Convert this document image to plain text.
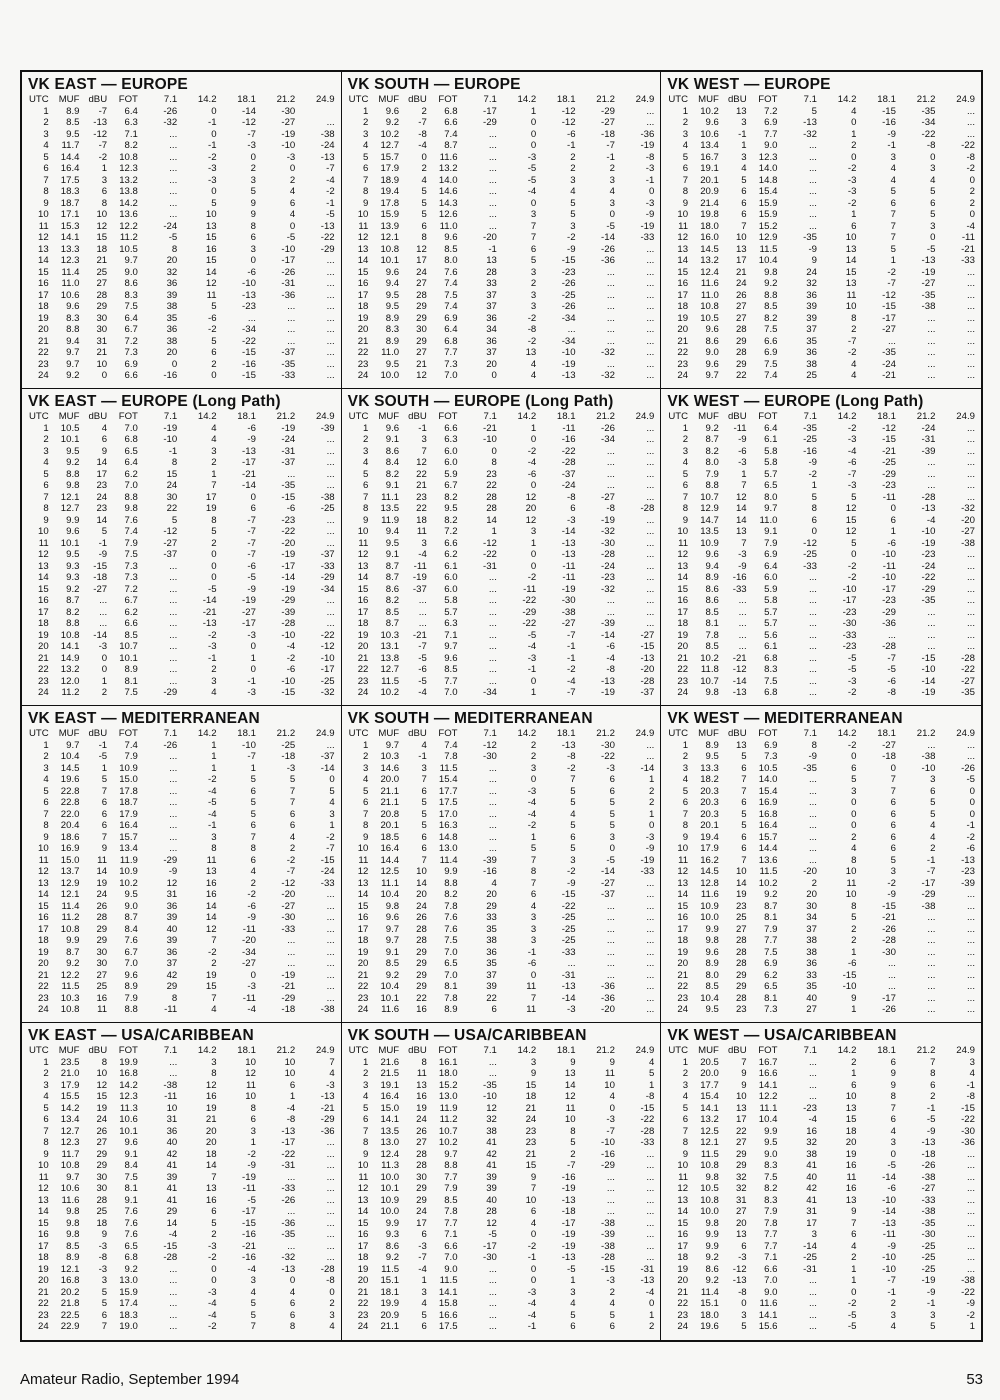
VK EAST — EUROPE
UTC	MUF	dBU	FOT	7.1	14.2	18.1	21.2	24.9
1	8.9	-7	6.4	-26	0	-14	-30	
2	8.5	-13	6.3	-32	-1	-12	-27	...
3	9.5	-12	7.1	...	0	-7	-19	-38
4	11.7	-7	8.2	...	-1	-3	-10	-24
5	14.4	-2	10.8	...	-2	0	-3	-13
6	16.4	1	12.3	...	-3	2	0	-7
7	17.5	3	13.2	...	-3	3	2	-4
8	18.3	6	13.8	...	0	5	4	-2
9	18.7	8	14.2	...	5	9	6	-1
10	17.1	10	13.6	...	10	9	4	-5
11	15.3	12	12.2	-24	13	8	0	-13
12	14.1	15	11.2	-5	15	6	-5	-22
13	13.3	18	10.5	8	16	3	-10	-29
14	12.3	21	9.7	20	15	0	-17	...
15	11.4	25	9.0	32	14	-6	-26	...
16	11.0	27	8.6	36	12	-10	-31	...
17	10.6	28	8.3	39	11	-13	-36	...
18	9.6	29	7.5	38	5	-23	...	...
19	8.3	30	6.4	35	-6	...	...	...
20	8.8	30	6.7	36	-2	-34	...	...
21	9.4	31	7.2	38	5	-22	...	...
22	9.7	21	7.3	20	6	-15	-37	...
23	9.7	10	6.9	0	2	-16	-35	...
24	9.2	0	6.6	-16	0	-15	-33	...
VK SOUTH — EUROPE
UTC	MUF	dBU	FOT	7.1	14.2	18.1	21.2	24.9
1	9.6	2	6.8	-17	1	-12	-29	...
2	9.2	-7	6.6	-29	0	-12	-27	...
3	10.2	-8	7.4	...	0	-6	-18	-36
4	12.7	-4	8.7	...	0	-1	-7	-19
5	15.7	0	11.6	...	-3	2	-1	-8
6	17.9	2	13.2	...	-5	2	2	-3
7	18.9	4	14.0	...	-5	3	3	-1
8	19.4	5	14.6	...	-4	4	4	0
9	17.8	5	14.3	...	0	5	3	-3
10	15.9	5	12.6	...	3	5	0	-9
11	13.9	6	11.0	...	7	3	-5	-19
12	12.1	8	9.6	-20	7	-2	-14	-33
13	10.8	12	8.5	-1	6	-9	-26	...
14	10.1	17	8.0	13	5	-15	-36	...
15	9.6	24	7.6	28	3	-23	...	...
16	9.4	27	7.4	33	2	-26	...	...
17	9.5	28	7.5	37	3	-25	...	...
18	9.5	29	7.4	37	3	-26	...	...
19	8.9	29	6.9	36	-2	-34	...	...
20	8.3	30	6.4	34	-8	...	...	...
21	8.9	29	6.8	36	-2	-34	...	...
22	11.0	27	7.7	37	13	-10	-32	...
23	9.5	21	7.3	20	4	-19	...	...
24	10.0	12	7.0	0	4	-13	-32	...
VK WEST — EUROPE
UTC	MUF	dBU	FOT	7.1	14.2	18.1	21.2	24.9
1	10.2	13	7.2	5	4	-15	-35	...
2	9.6	3	6.9	-13	0	-16	-34	...
3	10.6	-1	7.7	-32	1	-9	-22	...
4	13.4	1	9.0	...	2	-1	-8	-22
5	16.7	3	12.3	...	0	3	0	-8
6	19.1	4	14.0	...	-2	4	3	-2
7	20.1	5	14.8	...	-3	4	4	0
8	20.9	6	15.4	...	-3	5	5	2
9	21.4	6	15.9	...	-2	6	6	2
10	19.8	6	15.9	...	1	7	5	0
11	18.0	7	15.2	...	6	7	3	-4
12	16.0	10	12.9	-35	10	7	0	-11
13	14.5	13	11.5	-9	13	5	-5	-21
14	13.2	17	10.4	9	14	1	-13	-33
15	12.4	21	9.8	24	15	-2	-19	...
16	11.6	24	9.2	32	13	-7	-27	...
17	11.0	26	8.8	36	11	-12	-35	...
18	10.8	27	8.5	39	10	-15	-38	...
19	10.5	27	8.2	39	8	-17	...	...
20	9.6	28	7.5	37	2	-27	...	...
21	8.6	29	6.6	35	-7	...	...	...
22	9.0	28	6.9	36	-2	-35	...	...
23	9.6	29	7.5	38	4	-24	...	...
24	9.7	22	7.4	25	4	-21	...	...
VK EAST — EUROPE (Long Path)
UTC	MUF	dBU	FOT	7.1	14.2	18.1	21.2	24.9
1	10.5	4	7.0	-19	4	-6	-19	-39
2	10.1	6	6.8	-10	4	-9	-24	...
3	9.5	9	6.5	-1	3	-13	-31	...
4	9.2	14	6.4	8	2	-17	-37	...
5	8.8	17	6.2	15	1	-21	...	...
6	9.8	23	7.0	24	7	-14	-35	...
7	12.1	24	8.8	30	17	0	-15	-38
8	12.7	23	9.8	22	19	6	-6	-25
9	9.9	14	7.6	5	8	-7	-23	...
10	9.6	5	7.4	-12	5	-7	-22	...
11	10.1	-1	7.9	-27	2	-7	-20	...
12	9.5	-9	7.5	-37	0	-7	-19	-37
13	9.3	-15	7.3	...	0	-6	-17	-33
14	9.3	-18	7.3	...	0	-5	-14	-29
15	9.2	-27	7.2	...	-5	-9	-19	-34
16	8.7	...	6.7	...	-14	-19	-29	...
17	8.2	...	6.2	...	-21	-27	-39	...
18	8.8	...	6.6	...	-13	-17	-28	...
19	10.8	-14	8.5	...	-2	-3	-10	-22
20	14.1	-3	10.7	...	-3	0	-4	-12
21	14.9	0	10.1	...	-1	1	-2	-10
22	13.2	0	8.9	...	2	0	-6	-17
23	12.0	1	8.1	...	3	-1	-10	-25
24	11.2	2	7.5	-29	4	-3	-15	-32
VK SOUTH — EUROPE (Long Path)
UTC	MUF	dBU	FOT	7.1	14.2	18.1	21.2	24.9
1	9.6	-1	6.6	-21	1	-11	-26	...
2	9.1	3	6.3	-10	0	-16	-34	...
3	8.6	7	6.0	0	-2	-22	...	...
4	8.4	12	6.0	8	-4	-28	...	...
5	8.2	22	5.9	23	-6	-37	...	...
6	9.1	21	6.7	22	0	-24	...	...
7	11.1	23	8.2	28	12	-8	-27	...
8	13.5	22	9.5	28	20	6	-8	-28
9	11.9	18	8.2	14	12	-3	-19	...
10	9.4	11	7.2	1	3	-14	-32	...
11	9.5	3	6.6	-12	1	-13	-30	...
12	9.1	-4	6.2	-22	0	-13	-28	...
13	8.7	-11	6.1	-31	0	-11	-24	...
14	8.7	-19	6.0	...	-2	-11	-23	...
15	8.6	-37	6.0	...	-11	-19	-32	...
16	8.2	...	5.8	...	-22	-30	...	...
17	8.5	...	5.7	...	-29	-38	...	...
18	8.7	...	6.3	...	-22	-27	-39	...
19	10.3	-21	7.1	...	-5	-7	-14	-27
20	13.1	-7	9.7	...	-4	-1	-6	-15
21	13.8	-5	9.6	...	-3	-1	-4	-13
22	12.7	-6	8.5	...	-1	-2	-8	-20
23	11.5	-5	7.7	...	0	-4	-13	-28
24	10.2	-4	7.0	-34	1	-7	-19	-37
VK WEST — EUROPE (Long Path)
UTC	MUF	dBU	FOT	7.1	14.2	18.1	21.2	24.9
1	9.2	-11	6.4	-35	-2	-12	-24	...
2	8.7	-9	6.1	-25	-3	-15	-31	...
3	8.2	-6	5.8	-16	-4	-21	-39	...
4	8.0	-3	5.8	-9	-6	-25	...	...
5	7.9	1	5.7	-2	-7	-29	...	...
6	8.8	7	6.5	1	-3	-23	...	...
7	10.7	12	8.0	5	5	-11	-28	...
8	12.9	14	9.7	8	12	0	-13	-32
9	14.7	14	11.0	6	15	6	-4	-20
10	13.5	13	9.1	0	12	1	-10	-27
11	10.9	7	7.9	-12	5	-6	-19	-38
12	9.6	-3	6.9	-25	0	-10	-23	...
13	9.4	-9	6.4	-33	-2	-11	-24	...
14	8.9	-16	6.0	...	-2	-10	-22	...
15	8.6	-33	5.9	...	-10	-17	-29	...
16	8.6	...	5.8	...	-17	-23	-35	...
17	8.5	...	5.7	...	-23	-29	...	...
18	8.1	...	5.7	...	-30	-36	...	...
19	7.8	...	5.6	...	-33	...	...	...
20	8.5	...	6.1	...	-23	-28	...	...
21	10.2	-21	6.8	...	-5	-7	-15	-28
22	11.8	-12	8.3	...	-5	-5	-10	-22
23	10.7	-14	7.5	...	-3	-6	-14	-27
24	9.8	-13	6.8	...	-2	-8	-19	-35
VK EAST — MEDITERRANEAN
UTC	MUF	dBU	FOT	7.1	14.2	18.1	21.2	24.9
1	9.7	-1	7.4	-26	1	-10	-25	...
2	10.4	-5	7.9	...	1	-7	-18	-37
3	14.5	1	10.9	...	1	1	-3	-14
4	19.6	5	15.0	...	-2	5	5	0
5	22.8	7	17.8	...	-4	6	7	5
6	22.8	6	18.7	...	-5	5	7	4
7	22.0	6	17.9	...	-4	5	6	3
8	20.4	6	16.4	...	-1	6	6	1
9	18.6	7	15.7	...	3	7	4	-2
10	16.9	9	13.4	...	8	8	2	-7
11	15.0	11	11.9	-29	11	6	-2	-15
12	13.7	14	10.9	-9	13	4	-7	-24
13	12.9	19	10.2	12	16	2	-12	-33
14	12.1	24	9.5	31	16	-2	-20	...
15	11.4	26	9.0	36	14	-6	-27	...
16	11.2	28	8.7	39	14	-9	-30	...
17	10.8	29	8.4	40	12	-11	-33	...
18	9.9	29	7.6	39	7	-20	...	...
19	8.7	30	6.7	36	-2	-34	...	...
20	9.2	30	7.0	37	2	-27	...	...
21	12.2	27	9.6	42	19	0	-19	...
22	11.5	25	8.9	29	15	-3	-21	...
23	10.3	16	7.9	8	7	-11	-29	...
24	10.8	11	8.8	-11	4	-4	-18	-38
VK SOUTH — MEDITERRANEAN
UTC	MUF	dBU	FOT	7.1	14.2	18.1	21.2	24.9
1	9.7	4	7.4	-12	2	-13	-30	...
2	10.3	-1	7.8	-30	2	-8	-22	...
3	14.6	3	11.5	...	3	-2	-3	-14
4	20.0	7	15.4	...	0	7	6	1
5	21.1	6	17.7	...	-3	5	6	2
6	21.1	5	17.5	...	-4	5	5	2
7	20.8	5	17.0	...	-4	4	5	1
8	20.1	5	16.3	...	-2	5	5	0
9	18.5	6	14.8	...	1	6	3	-3
10	16.4	6	13.0	...	5	5	0	-9
11	14.4	7	11.4	-39	7	3	-5	-19
12	12.5	10	9.9	-16	8	-2	-14	-33
13	11.1	14	8.8	4	7	-9	-27	...
14	10.4	20	8.2	20	6	-15	-37	...
15	9.8	24	7.8	29	4	-22	...	...
16	9.6	26	7.6	33	3	-25	...	...
17	9.7	28	7.6	35	3	-25	...	...
18	9.7	28	7.5	38	3	-25	...	...
19	9.1	29	7.0	36	-1	-33	...	...
20	8.5	29	6.5	35	-6	...	...	...
21	9.2	29	7.0	37	0	-31	...	...
22	10.4	29	8.1	39	11	-13	-36	...
23	10.1	22	7.8	22	7	-14	-36	...
24	11.6	16	8.9	6	11	-3	-20	...
VK WEST — MEDITERRANEAN
UTC	MUF	dBU	FOT	7.1	14.2	18.1	21.2	24.9
1	8.9	13	6.9	8	-2	-27	...	...
2	9.5	5	7.3	-9	0	-18	-38	...
3	13.3	6	10.5	-35	6	0	-10	-26
4	18.2	7	14.0	...	5	7	3	-5
5	20.3	7	15.4	...	3	7	6	0
6	20.3	6	16.9	...	0	6	5	0
7	20.3	5	16.8	...	0	6	5	0
8	20.1	5	16.4	...	0	6	4	-1
9	19.4	6	15.7	...	2	6	4	-2
10	17.9	6	14.4	...	4	6	2	-6
11	16.2	7	13.6	...	8	5	-1	-13
12	14.5	10	11.5	-20	10	3	-7	-23
13	12.8	14	10.2	2	11	-2	-17	-39
14	11.6	19	9.2	20	10	-9	-29	...
15	10.9	23	8.7	30	8	-15	-38	...
16	10.0	25	8.1	34	5	-21	...	...
17	9.9	27	7.9	37	2	-26	...	...
18	9.8	28	7.7	38	2	-28	...	...
19	9.6	28	7.5	38	1	-30	...	...
20	8.9	28	6.9	36	-6	...	...	...
21	8.0	29	6.2	33	-15	...	...	...
22	8.5	29	6.5	35	-10	...	...	...
23	10.4	28	8.1	40	9	-17	...	...
24	9.5	23	7.3	27	1	-26	...	...
VK EAST — USA/CARIBBEAN
UTC	MUF	dBU	FOT	7.1	14.2	18.1	21.2	24.9
1	23.5	8	19.9	...	3	10	10	7
2	21.0	10	16.8	...	8	12	10	4
3	17.9	12	14.2	-38	12	11	6	-3
4	15.5	15	12.3	-11	16	10	1	-13
5	14.2	19	11.3	10	19	8	-4	-21
6	13.4	24	10.6	31	21	6	-8	-29
7	12.7	26	10.1	36	20	3	-13	-36
8	12.3	27	9.6	40	20	1	-17	...
9	11.7	29	9.1	42	18	-2	-22	...
10	10.8	29	8.4	41	14	-9	-31	...
11	9.7	30	7.5	39	7	-19	...	...
12	10.6	30	8.1	41	13	-11	-33	...
13	11.6	28	9.1	41	16	-5	-26	...
14	9.8	25	7.6	29	6	-17	...	...
15	9.8	18	7.6	14	5	-15	-36	...
16	9.8	9	7.6	-4	2	-16	-35	...
17	8.5	-3	6.5	-15	-3	-21	...	...
18	8.9	-8	6.8	-28	-2	-16	-32	...
19	12.1	-3	9.2	...	0	-4	-13	-28
20	16.8	3	13.0	...	0	3	0	-8
21	20.2	5	15.9	...	-3	4	4	0
22	21.8	5	17.4	...	-4	5	6	2
23	22.5	6	18.3	...	-4	5	6	3
24	22.9	7	19.0	...	-2	7	8	4
VK SOUTH — USA/CARIBBEAN
UTC	MUF	dBU	FOT	7.1	14.2	18.1	21.2	24.9
1	21.6	8	16.1	...	3	9	9	4
2	21.5	11	18.0	...	9	13	11	5
3	19.1	13	15.2	-35	15	14	10	1
4	16.4	16	13.0	-10	18	12	4	-8
5	15.0	19	11.9	12	21	11	0	-15
6	14.1	24	11.2	32	24	10	-3	-22
7	13.5	26	10.7	38	23	8	-7	-28
8	13.0	27	10.2	41	23	5	-10	-33
9	12.4	28	9.7	42	21	2	-16	...
10	11.3	28	8.8	41	15	-7	-29	...
11	10.0	30	7.7	39	9	-16	...	...
12	10.1	29	7.9	39	7	-19	...	...
13	10.9	29	8.5	40	10	-13	...	...
14	10.0	24	7.8	28	6	-18	...	...
15	9.9	17	7.7	12	4	-17	-38	...
16	9.3	6	7.1	-5	0	-19	-39	...
17	8.6	-3	6.6	-17	-2	-19	-38	...
18	9.2	-7	7.0	-30	-1	-13	-28	...
19	11.5	-4	9.0	...	0	-5	-15	-31
20	15.1	1	11.5	...	0	1	-3	-13
21	18.1	3	14.1	...	-3	3	2	-4
22	19.9	4	15.8	...	-4	4	4	0
23	20.9	5	16.6	...	-4	5	5	1
24	21.1	6	17.5	...	-1	6	6	2
VK WEST — USA/CARIBBEAN
UTC	MUF	dBU	FOT	7.1	14.2	18.1	21.2	24.9
1	20.5	7	16.7	...	2	6	7	3
2	20.0	9	16.6	...	1	9	8	4
3	17.7	9	14.1	...	6	9	6	-1
4	15.4	10	12.2	...	10	8	2	-8
5	14.1	13	11.1	-23	13	7	-1	-15
6	13.2	17	10.4	-4	15	6	-5	-22
7	12.5	22	9.9	16	18	4	-9	-30
8	12.1	27	9.5	32	20	3	-13	-36
9	11.5	29	9.0	38	19	0	-18	...
10	10.8	29	8.3	41	16	-5	-26	...
11	9.8	32	7.5	40	11	-14	-38	...
12	10.5	32	8.2	42	16	-6	-27	...
13	10.8	31	8.3	41	13	-10	-33	...
14	10.0	27	7.9	31	9	-14	-38	...
15	9.8	20	7.8	17	7	-13	-35	...
16	9.9	13	7.7	3	6	-11	-30	...
17	9.9	6	7.7	-14	4	-9	-25	...
18	9.2	-3	7.1	-25	2	-10	-25	...
19	8.6	-12	6.6	-31	1	-10	-25	...
20	9.2	-13	7.0	...	1	-7	-19	-38
21	11.4	-8	9.0	...	0	-1	-9	-22
22	15.1	0	11.6	...	-2	2	-1	-9
23	18.0	3	14.1	...	-5	3	3	-2
24	19.6	5	15.6	...	-5	4	5	1
Amateur Radio, September 1994	53
